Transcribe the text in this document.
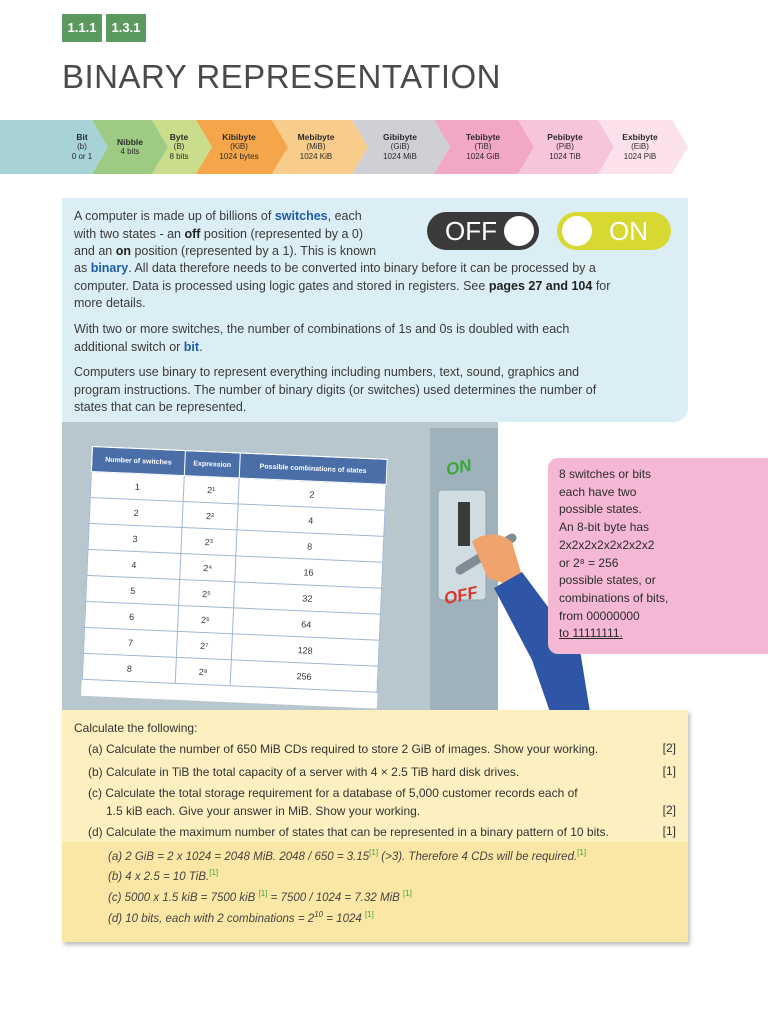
1.1.1	1.3.1
BINARY REPRESENTATION
Bit
(b)
0 or 1
Nibble
4 bits
Byte
(B)
8 bits
Kibibyte
(KiB)
1024 bytes
Mebibyte
(MiB)
1024 KiB
Gibibyte
(GiB)
1024 MiB
Tebibyte
(TiB)
1024 GiB
Pebibyte
(PiB)
1024 TiB
Exbibyte
(EiB)
1024 PiB
A computer is made up of billions of switches, each
with two states - an off position (represented by a 0)
and an on position (represented by a 1). This is known
as binary. All data therefore needs to be converted into binary before it can be processed by a
computer. Data is processed using logic gates and stored in registers. See pages 27 and 104 for
more details.
With two or more switches, the number of combinations of 1s and 0s is doubled with each
additional switch or bit.
Computers use binary to represent everything including numbers, text, sound, graphics and
program instructions. The number of binary digits (or switches) used determines the number of
states that can be represented.
OFF	ON
ON
OFF
Number of switches	Expression	Possible combinations of states
1	2¹	2
2	2²	4
3	2³	8
4	2⁴	16
5	2⁵	32
6	2⁶	64
7	2⁷	128
8	2⁸	256
8 switches or bits
each have two
possible states.
An 8-bit byte has
2x2x2x2x2x2x2x2
or 2⁸ = 256
possible states, or
combinations of bits,
from 00000000
to 11111111.
Calculate the following:
(a) Calculate the number of 650 MiB CDs required to store 2 GiB of images. Show your working.	[2]
(b) Calculate in TiB the total capacity of a server with 4 × 2.5 TiB hard disk drives.	[1]
(c) Calculate the total storage requirement for a database of 5,000 customer records each of
1.5 kiB each. Give your answer in MiB. Show your working.	[2]
(d) Calculate the maximum number of states that can be represented in a binary pattern of 10 bits.	[1]
(a) 2 GiB = 2 x 1024 = 2048 MiB. 2048 / 650 = 3.15[1] (>3). Therefore 4 CDs will be required.[1]
(b) 4 x 2.5 = 10 TiB.[1]
(c) 5000 x 1.5 kiB = 7500 kiB [1] = 7500 / 1024 = 7.32 MiB [1]
(d) 10 bits, each with 2 combinations = $2^{10} = 1024$ [1]
